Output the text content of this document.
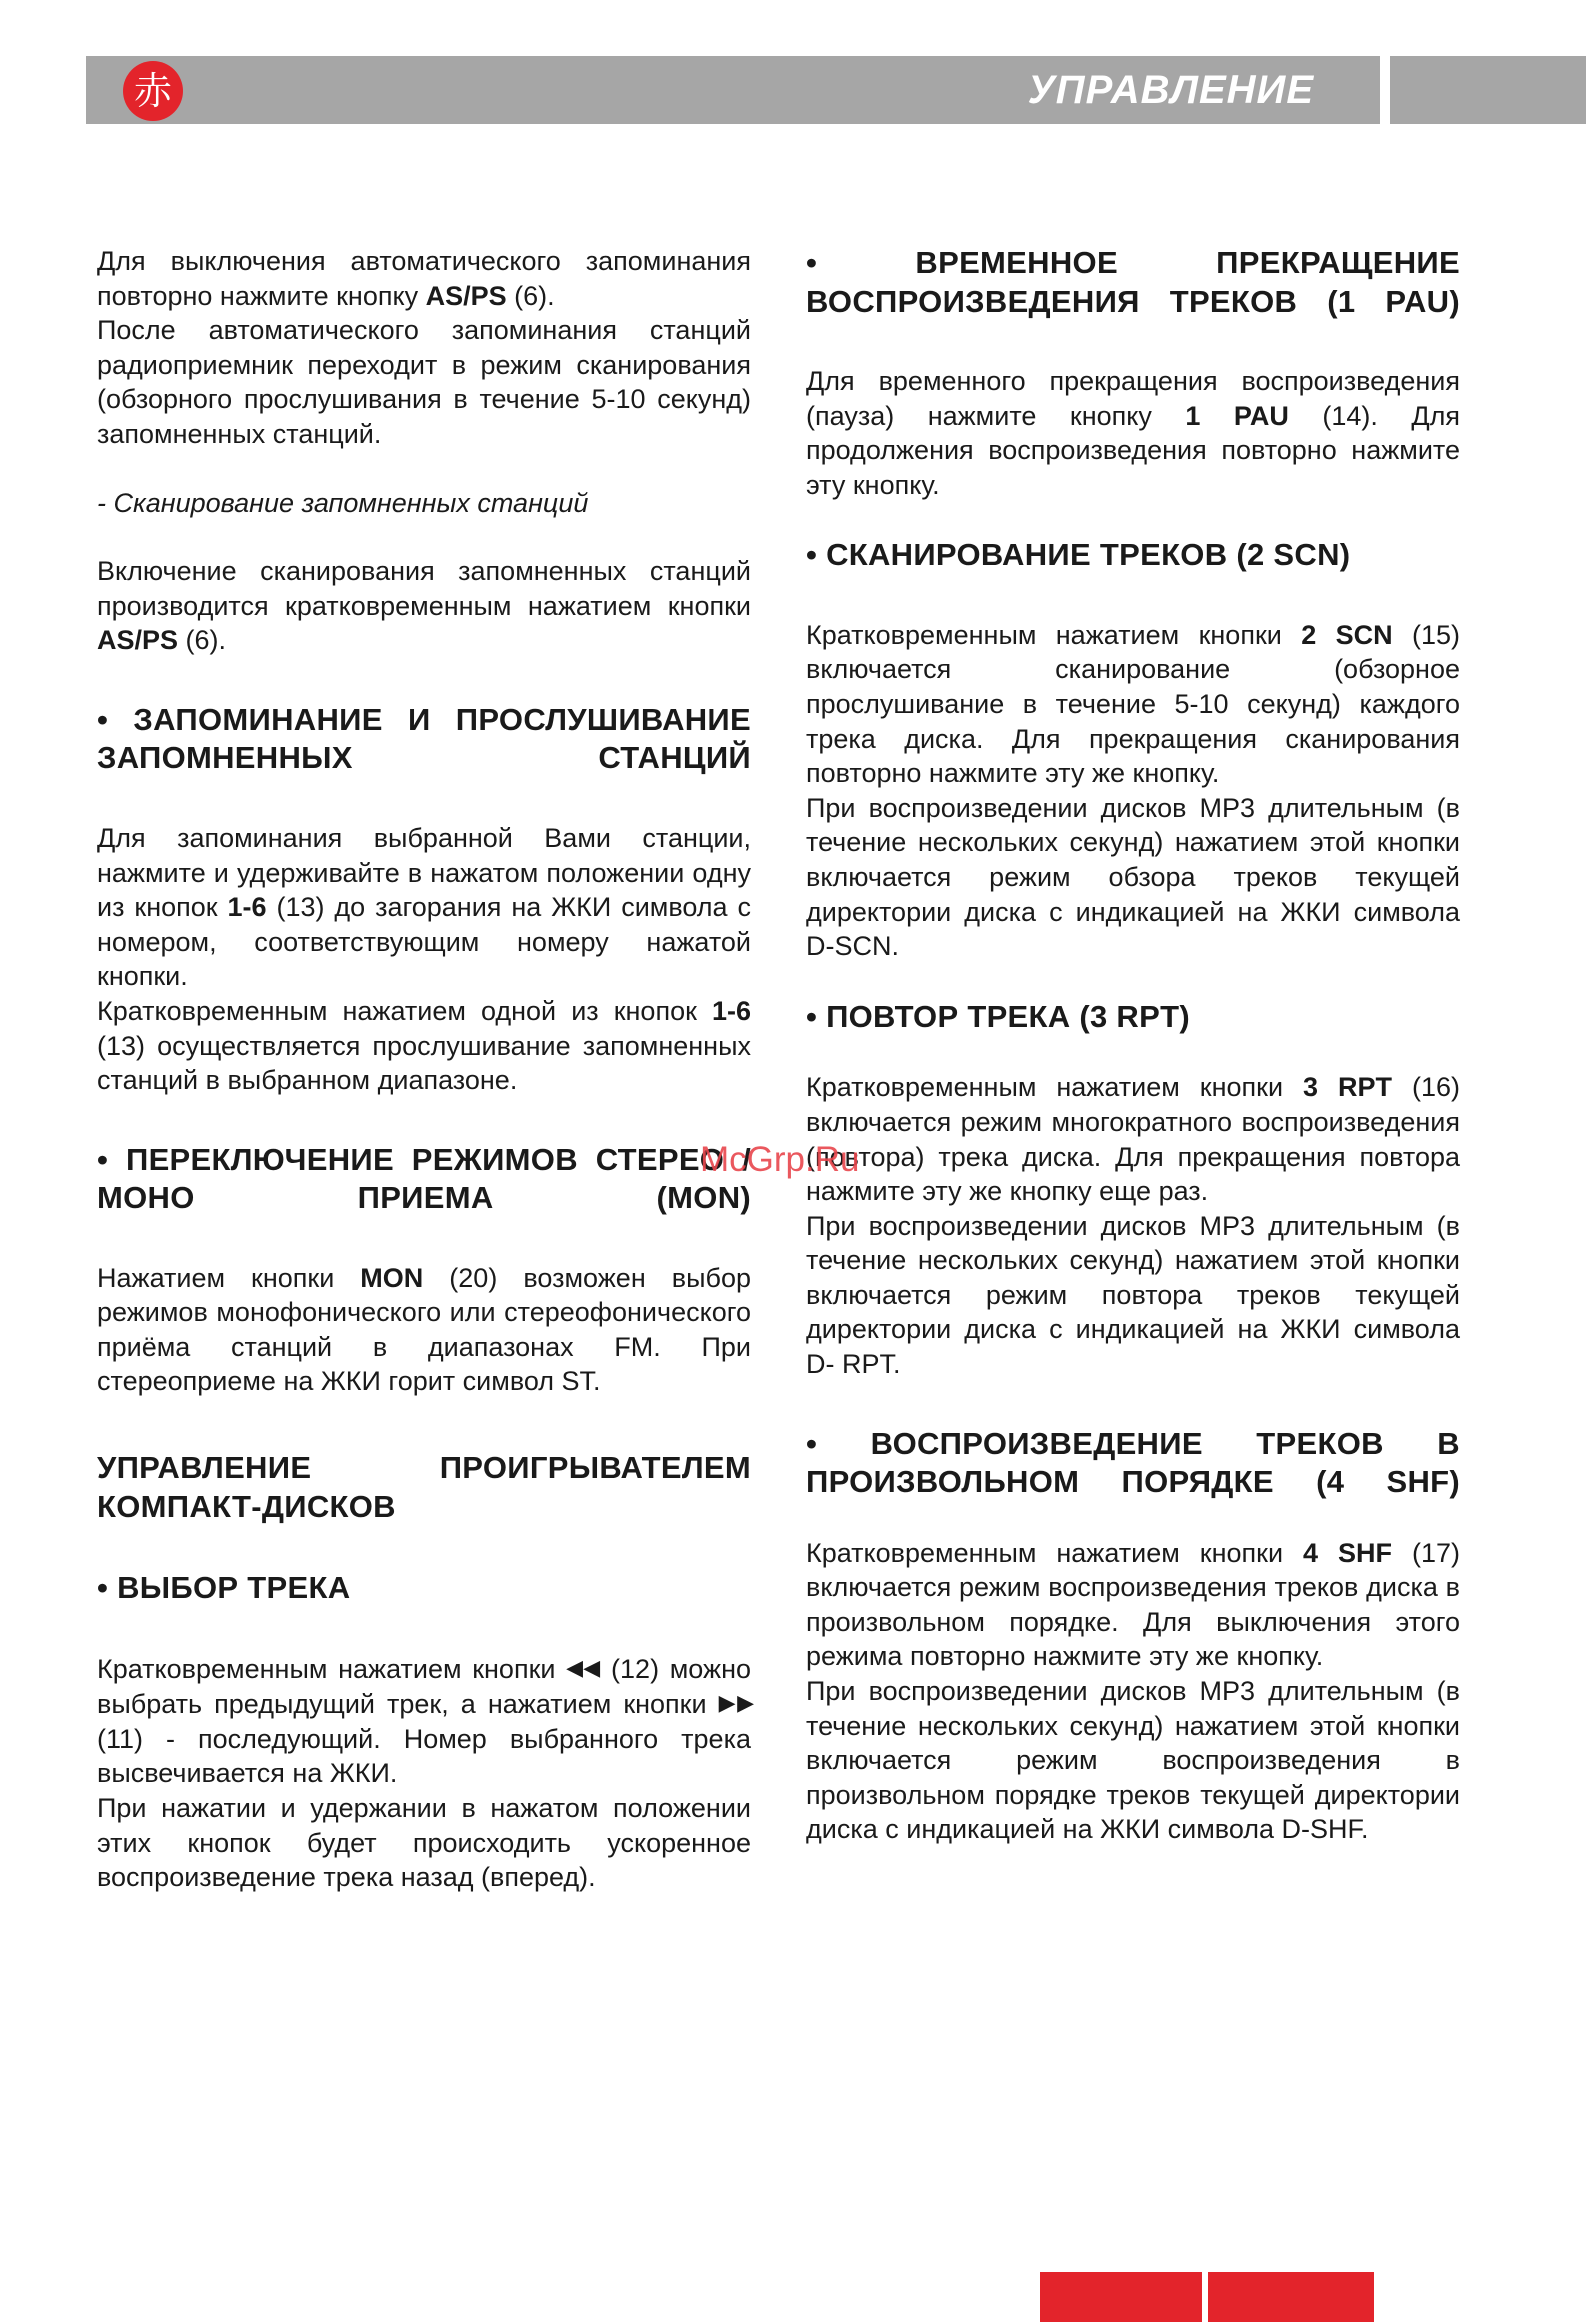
赤	УПРАВЛЕНИЕ

Для выключения автоматического запоминания повторно нажмите кнопку AS/PS (6).

После автоматического запоминания станций радиоприемник переходит в режим сканирования (обзорного прослушивания в течение 5-10 секунд) запомненных станций.

- Сканирование запомненных станций

Включение сканирования запомненных станций производится кратковременным нажатием кнопки AS/PS (6).

• ЗАПОМИНАНИЕ И ПРОСЛУШИВАНИЕ ЗАПОМНЕННЫХ СТАНЦИЙ

Для запоминания выбранной Вами станции, нажмите и удерживайте в нажатом положении одну из кнопок 1-6 (13) до загорания на ЖКИ символа с номером, соответствующим номеру нажатой кнопки.

Кратковременным нажатием одной из кнопок 1-6 (13) осуществляется прослушивание запомненных станций в выбранном диапазоне.

• ПЕРЕКЛЮЧЕНИЕ РЕЖИМОВ СТЕРЕО / МОНО ПРИЕМА (MON)

Нажатием кнопки MON (20) возможен выбор режимов монофонического или стереофонического приёма станций в диапазонах FM. При стереоприеме на ЖКИ горит символ ST.

УПРАВЛЕНИЕ ПРОИГРЫВАТЕЛЕМ КОМПАКТ-ДИСКОВ

• ВЫБОР ТРЕКА

Кратковременным нажатием кнопки ◀◀ (12) можно выбрать предыдущий трек, а нажатием кнопки ▶▶ (11) - последующий. Номер выбранного трека высвечивается на ЖКИ.

При нажатии и удержании в нажатом положении этих кнопок будет происходить ускоренное воспроизведение трека назад (вперед).

• ВРЕМЕННОЕ ПРЕКРАЩЕНИЕ ВОСПРОИЗВЕДЕНИЯ ТРЕКОВ (1 PAU)

Для временного прекращения воспроизведения (пауза) нажмите кнопку 1 PAU (14). Для продолжения воспроизведения повторно нажмите эту кнопку.

• СКАНИРОВАНИЕ ТРЕКОВ (2 SCN)

Кратковременным нажатием кнопки 2 SCN (15) включается сканирование (обзорное прослушивание в течение 5-10 секунд) каждого трека диска. Для прекращения сканирования повторно нажмите эту же кнопку.

При воспроизведении дисков MP3 длительным (в течение нескольких секунд) нажатием этой кнопки включается режим обзора треков текущей директории диска с индикацией на ЖКИ символа D-SCN.

• ПОВТОР ТРЕКА (3 RPT)

Кратковременным нажатием кнопки 3 RPT (16) включается режим многократного воспроизведения (повтора) трека диска. Для прекращения повтора нажмите эту же кнопку еще раз.

При воспроизведении дисков MP3 длительным (в течение нескольких секунд) нажатием этой кнопки включается режим повтора треков текущей директории диска с индикацией на ЖКИ символа D- RPT.

• ВОСПРОИЗВЕДЕНИЕ ТРЕКОВ В ПРОИЗВОЛЬНОМ ПОРЯДКЕ (4 SHF)

Кратковременным нажатием кнопки 4 SHF (17) включается режим воспроизведения треков диска в произвольном порядке. Для выключения этого режима повторно нажмите эту же кнопку.

При воспроизведении дисков MP3 длительным (в течение нескольких секунд) нажатием этой кнопки включается режим воспроизведения в произвольном порядке треков текущей директории диска с индикацией на ЖКИ символа D-SHF.

McGrp.Ru
